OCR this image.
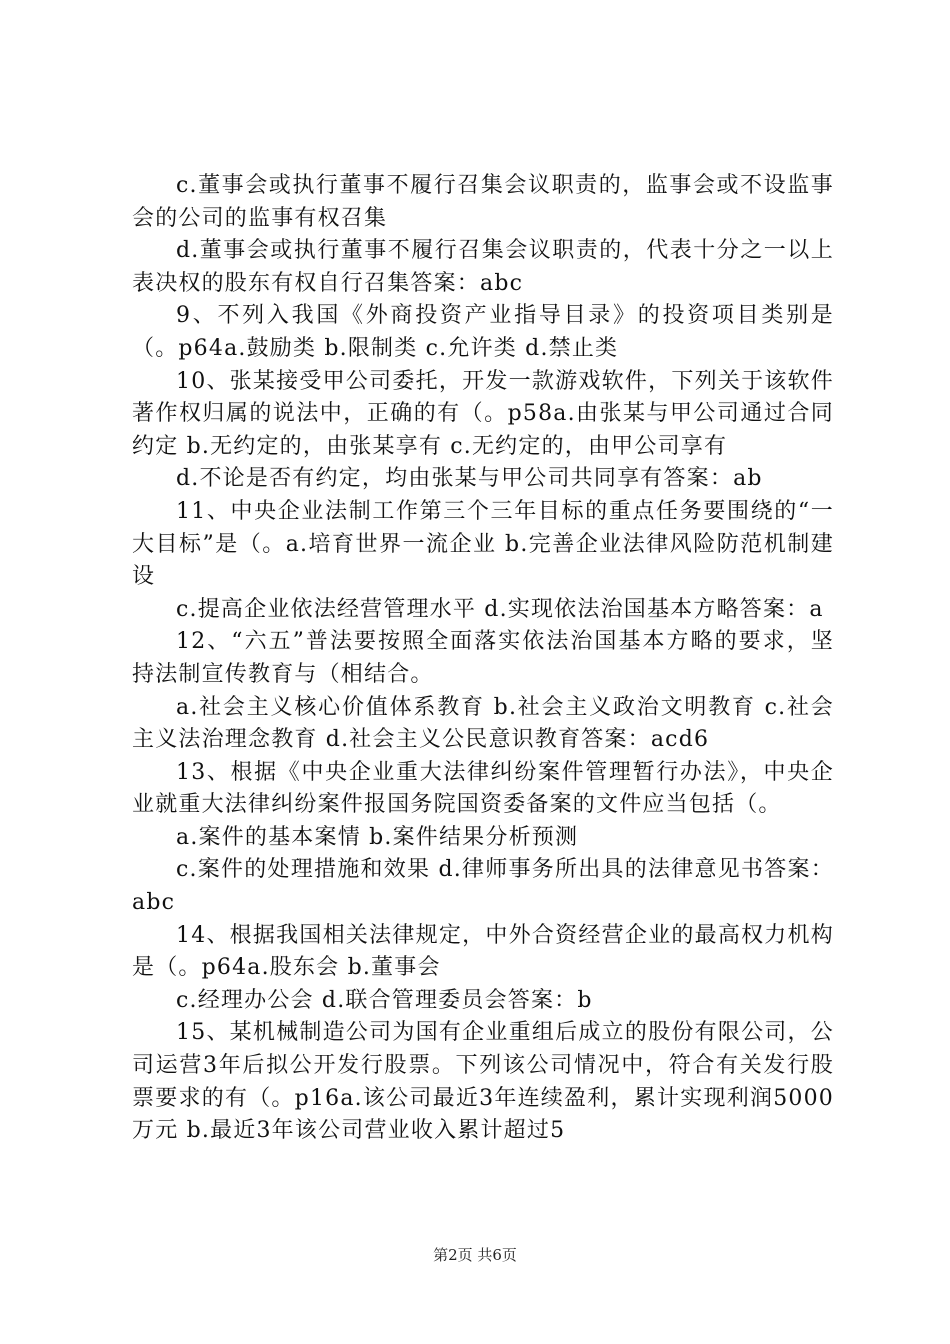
c.董事会或执行董事不履行召集会议职责的，监事会或不设监事会的公司的监事有权召集

d.董事会或执行董事不履行召集会议职责的，代表十分之一以上表决权的股东有权自行召集答案：abc

9、不列入我国《外商投资产业指导目录》的投资项目类别是（。p64a.鼓励类 b.限制类 c.允许类 d.禁止类

10、张某接受甲公司委托，开发一款游戏软件，下列关于该软件著作权归属的说法中，正确的有（。p58a.由张某与甲公司通过合同约定 b.无约定的，由张某享有 c.无约定的，由甲公司享有

d.不论是否有约定，均由张某与甲公司共同享有答案：ab

11、中央企业法制工作第三个三年目标的重点任务要围绕的“一大目标”是（。a.培育世界一流企业 b.完善企业法律风险防范机制建设

c.提高企业依法经营管理水平 d.实现依法治国基本方略答案：a

12、“六五”普法要按照全面落实依法治国基本方略的要求，坚持法制宣传教育与（相结合。

a.社会主义核心价值体系教育 b.社会主义政治文明教育 c.社会主义法治理念教育 d.社会主义公民意识教育答案：acd6

13、根据《中央企业重大法律纠纷案件管理暂行办法》，中央企业就重大法律纠纷案件报国务院国资委备案的文件应当包括（。

a.案件的基本案情 b.案件结果分析预测

c.案件的处理措施和效果 d.律师事务所出具的法律意见书答案：abc

14、根据我国相关法律规定，中外合资经营企业的最高权力机构是（。p64a.股东会 b.董事会

c.经理办公会 d.联合管理委员会答案：b

15、某机械制造公司为国有企业重组后成立的股份有限公司，公司运营3年后拟公开发行股票。下列该公司情况中，符合有关发行股票要求的有（。p16a.该公司最近3年连续盈利，累计实现利润5000万元 b.最近3年该公司营业收入累计超过5

第2页 共6页
